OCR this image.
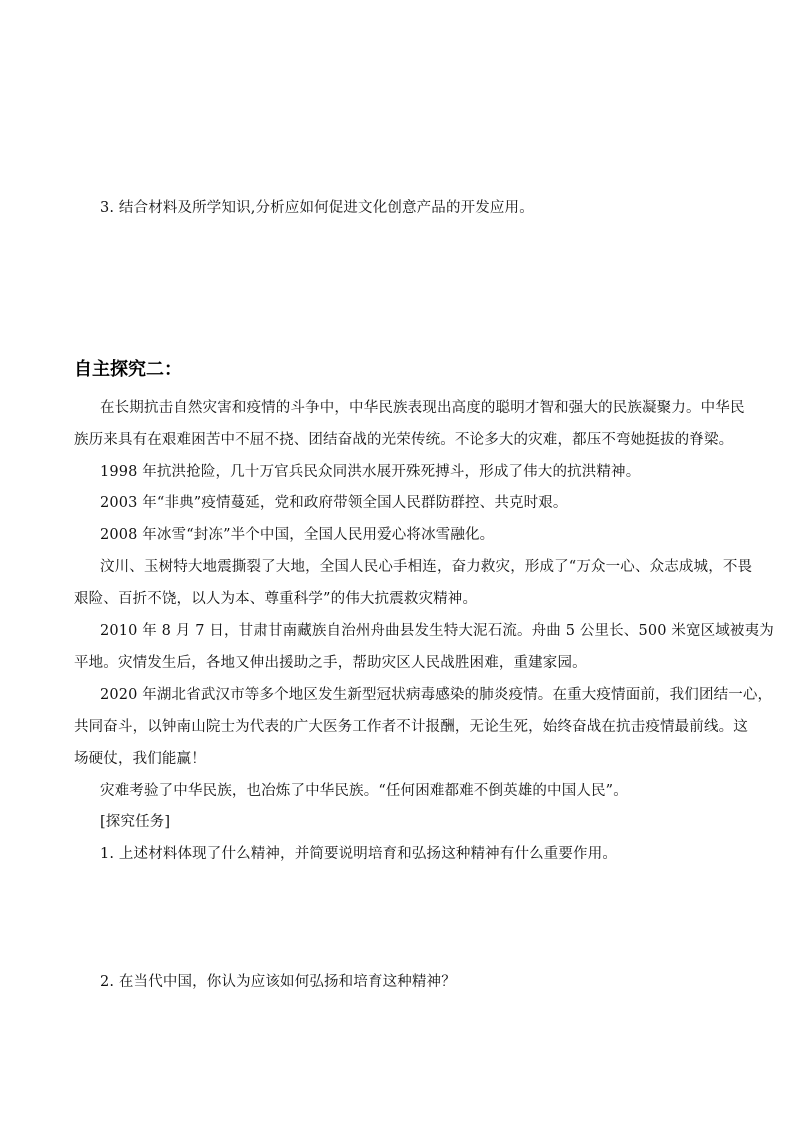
3. 结合材料及所学知识,分析应如何促进文化创意产品的开发应用。
自主探究二：
在长期抗击自然灾害和疫情的斗争中，中华民族表现出高度的聪明才智和强大的民族凝聚力。中华民
族历来具有在艰难困苦中不屈不挠、团结奋战的光荣传统。不论多大的灾难，都压不弯她挺拔的脊梁。
1998 年抗洪抢险，几十万官兵民众同洪水展开殊死搏斗，形成了伟大的抗洪精神。
2003 年“非典”疫情蔓延，党和政府带领全国人民群防群控、共克时艰。
2008 年冰雪“封冻”半个中国，全国人民用爱心将冰雪融化。
汶川、玉树特大地震撕裂了大地，全国人民心手相连，奋力救灾，形成了“万众一心、众志成城，不畏
艰险、百折不饶，以人为本、尊重科学”的伟大抗震救灾精神。
2010 年 8 月 7 日，甘肃甘南藏族自治州舟曲县发生特大泥石流。舟曲 5 公里长、500 米宽区域被夷为
平地。灾情发生后，各地又伸出援助之手，帮助灾区人民战胜困难，重建家园。
2020 年湖北省武汉市等多个地区发生新型冠状病毒感染的肺炎疫情。在重大疫情面前，我们团结一心，
共同奋斗，以钟南山院士为代表的广大医务工作者不计报酬，无论生死，始终奋战在抗击疫情最前线。这
场硬仗，我们能赢！
灾难考验了中华民族，也冶炼了中华民族。“任何困难都难不倒英雄的中国人民”。
[探究任务]
1. 上述材料体现了什么精神，并简要说明培育和弘扬这种精神有什么重要作用。
2. 在当代中国，你认为应该如何弘扬和培育这种精神？
